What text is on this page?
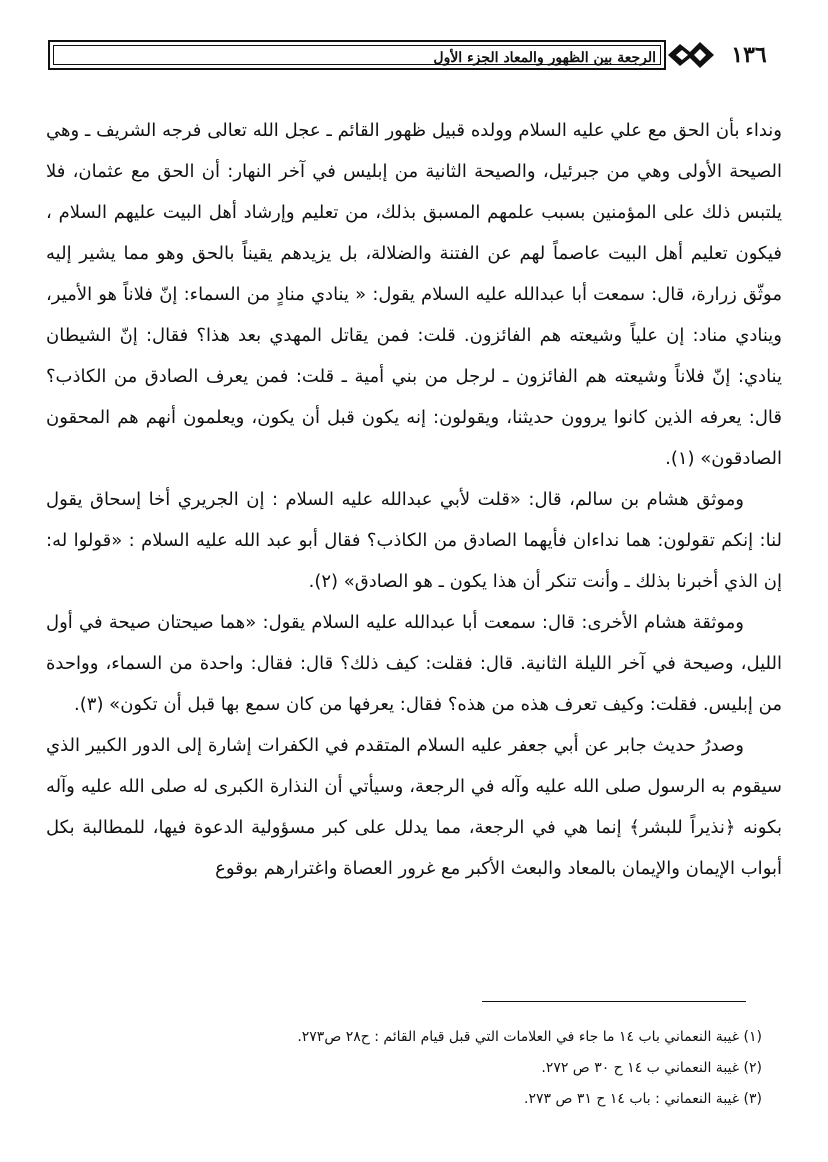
الرجعة بين الظهور والمعاد الجزء الأول	١٣٦

ونداء بأن الحق مع علي عليه السلام وولده قبيل ظهور القائم ـ عجل الله تعالى فرجه الشريف ـ وهي الصيحة الأولى وهي من جبرئيل، والصيحة الثانية من إبليس في آخر النهار: أن الحق مع عثمان، فلا يلتبس ذلك على المؤمنين بسبب علمهم المسبق بذلك، من تعليم وإرشاد أهل البيت عليهم السلام ، فيكون تعليم أهل البيت عاصماً لهم عن الفتنة والضلالة، بل يزيدهم يقيناً بالحق وهو مما يشير إليه موثّق زرارة، قال: سمعت أبا عبدالله عليه السلام يقول: « ينادي منادٍ من السماء: إنّ فلاناً هو الأمير، وينادي مناد: إن علياً وشيعته هم الفائزون. قلت: فمن يقاتل المهدي بعد هذا؟ فقال: إنّ الشيطان ينادي: إنّ فلاناً وشيعته هم الفائزون ـ لرجل من بني أمية ـ قلت: فمن يعرف الصادق من الكاذب؟ قال: يعرفه الذين كانوا يروون حديثنا، ويقولون: إنه يكون قبل أن يكون، ويعلمون أنهم هم المحقون الصادقون» (١).

وموثق هشام بن سالم، قال: «قلت لأبي عبدالله عليه السلام : إن الجريري أخا إسحاق يقول لنا: إنكم تقولون: هما نداءان فأيهما الصادق من الكاذب؟ فقال أبو عبد الله عليه السلام : «قولوا له: إن الذي أخبرنا بذلك ـ وأنت تنكر أن هذا يكون ـ هو الصادق» (٢).

وموثقة هشام الأخرى: قال: سمعت أبا عبدالله عليه السلام يقول: «هما صيحتان صيحة في أول الليل، وصيحة في آخر الليلة الثانية. قال: فقلت: كيف ذلك؟ قال: فقال: واحدة من السماء، وواحدة من إبليس. فقلت: وكيف تعرف هذه من هذه؟ فقال: يعرفها من كان سمع بها قبل أن تكون» (٣).

وصدرُ حديث جابر عن أبي جعفر عليه السلام المتقدم في الكفرات إشارة إلى الدور الكبير الذي سيقوم به الرسول صلى الله عليه وآله في الرجعة، وسيأتي أن النذارة الكبرى له صلى الله عليه وآله بكونه ﴿نذيراً للبشر﴾ إنما هي في الرجعة، مما يدلل على كبر مسؤولية الدعوة فيها، للمطالبة بكل أبواب الإيمان والإيمان بالمعاد والبعث الأكبر مع غرور العصاة واغترارهم بوقوع

(١) غيبة النعماني باب ١٤ ما جاء في العلامات التي قبل قيام القائم : ح٢٨ ص٢٧٣.
(٢) غيبة النعماني ب ١٤ ح ٣٠ ص ٢٧٢.
(٣) غيبة النعماني : باب ١٤ ح ٣١ ص ٢٧٣.
